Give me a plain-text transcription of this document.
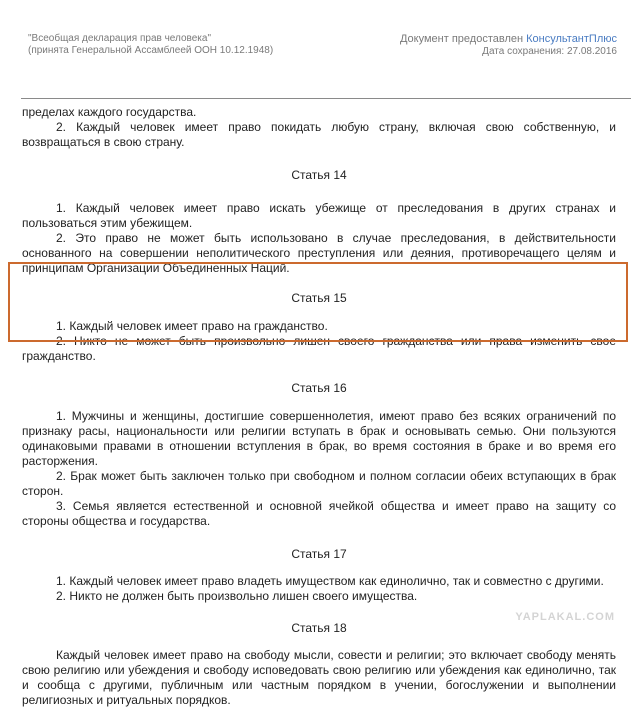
"Всеобщая декларация прав человека"
(принята Генеральной Ассамблеей ООН 10.12.1948)
Документ предоставлен КонсультантПлюс
Дата сохранения: 27.08.2016

пределах каждого государства.

2. Каждый человек имеет право покидать любую страну, включая свою собственную, и возвращаться в свою страну.

Статья 14

1. Каждый человек имеет право искать убежище от преследования в других странах и пользоваться этим убежищем.

2. Это право не может быть использовано в случае преследования, в действительности основанного на совершении неполитического преступления или деяния, противоречащего целям и принципам Организации Объединенных Наций.

Статья 15

1. Каждый человек имеет право на гражданство.

2. Никто не может быть произвольно лишен своего гражданства или права изменить свое гражданство.

Статья 16

1. Мужчины и женщины, достигшие совершеннолетия, имеют право без всяких ограничений по признаку расы, национальности или религии вступать в брак и основывать семью. Они пользуются одинаковыми правами в отношении вступления в брак, во время состояния в браке и во время его расторжения.

2. Брак может быть заключен только при свободном и полном согласии обеих вступающих в брак сторон.

3. Семья является естественной и основной ячейкой общества и имеет право на защиту со стороны общества и государства.

Статья 17

1. Каждый человек имеет право владеть имуществом как единолично, так и совместно с другими.

2. Никто не должен быть произвольно лишен своего имущества.

Статья 18

Каждый человек имеет право на свободу мысли, совести и религии; это включает свободу менять свою религию или убеждения и свободу исповедовать свою религию или убеждения как единолично, так и сообща с другими, публичным или частным порядком в учении, богослужении и выполнении религиозных и ритуальных порядков.

YAPLAKAL.COM
